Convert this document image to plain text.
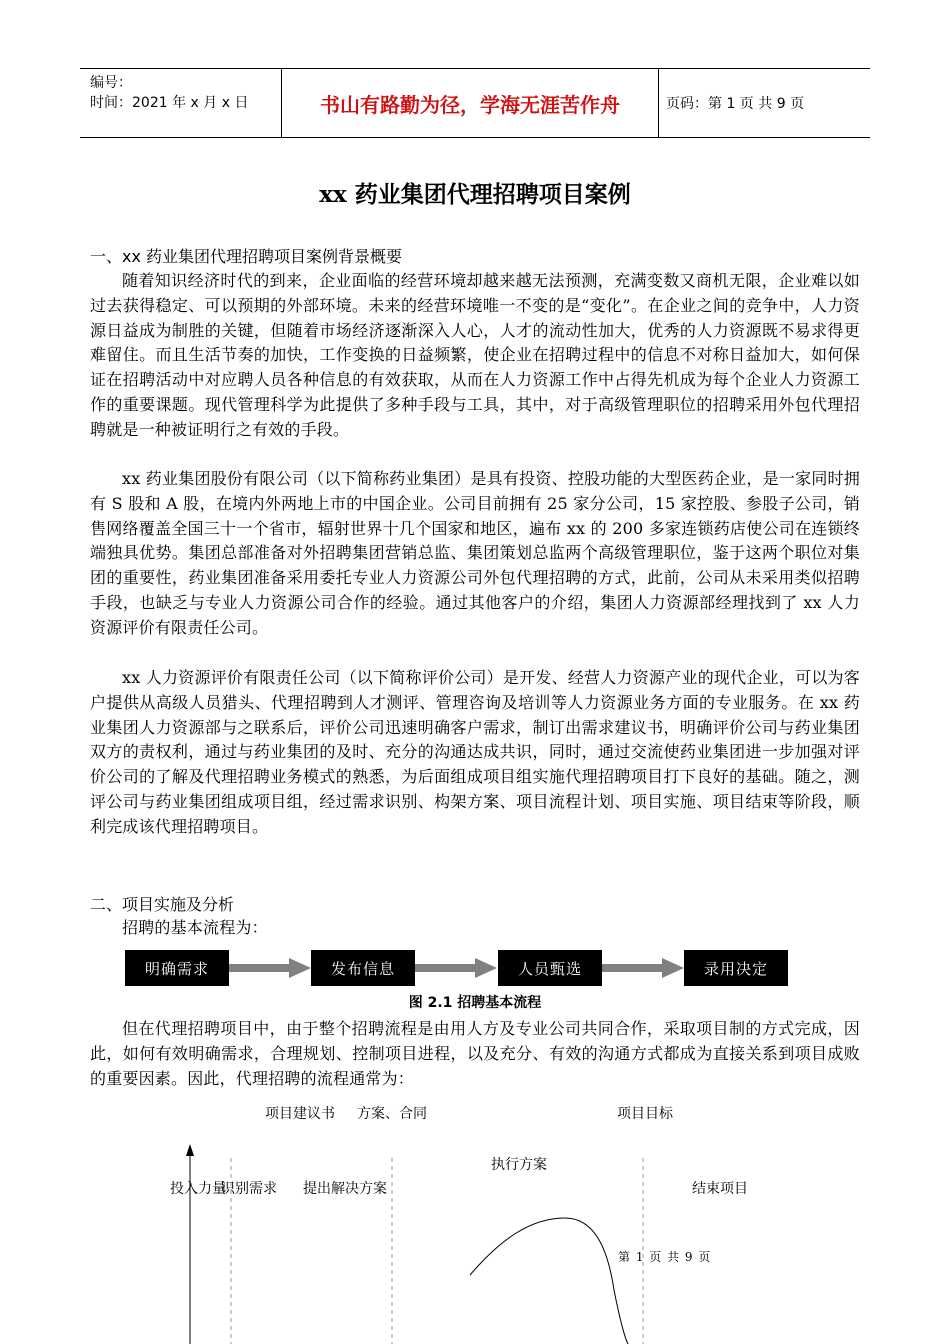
编号：
时间：2021 年 x 月 x 日	书山有路勤为径，学海无涯苦作舟	页码：第 1 页 共 9 页
xx 药业集团代理招聘项目案例
一、xx 药业集团代理招聘项目案例背景概要

随着知识经济时代的到来，企业面临的经营环境却越来越无法预测，充满变数又商机无限，企业难以如过去获得稳定、可以预期的外部环境。未来的经营环境唯一不变的是“变化”。在企业之间的竞争中，人力资源日益成为制胜的关键，但随着市场经济逐渐深入人心，人才的流动性加大，优秀的人力资源既不易求得更难留住。而且生活节奏的加快，工作变换的日益频繁，使企业在招聘过程中的信息不对称日益加大，如何保证在招聘活动中对应聘人员各种信息的有效获取，从而在人力资源工作中占得先机成为每个企业人力资源工作的重要课题。现代管理科学为此提供了多种手段与工具，其中，对于高级管理职位的招聘采用外包代理招聘就是一种被证明行之有效的手段。

xx 药业集团股份有限公司（以下简称药业集团）是具有投资、控股功能的大型医药企业，是一家同时拥有 S 股和 A 股，在境内外两地上市的中国企业。公司目前拥有 25 家分公司，15 家控股、参股子公司，销售网络覆盖全国三十一个省市，辐射世界十几个国家和地区，遍布 xx 的 200 多家连锁药店使公司在连锁终端独具优势。集团总部准备对外招聘集团营销总监、集团策划总监两个高级管理职位，鉴于这两个职位对集团的重要性，药业集团准备采用委托专业人力资源公司外包代理招聘的方式，此前，公司从未采用类似招聘手段，也缺乏与专业人力资源公司合作的经验。通过其他客户的介绍，集团人力资源部经理找到了 xx 人力资源评价有限责任公司。

xx 人力资源评价有限责任公司（以下简称评价公司）是开发、经营人力资源产业的现代企业，可以为客户提供从高级人员猎头、代理招聘到人才测评、管理咨询及培训等人力资源业务方面的专业服务。在 xx 药业集团人力资源部与之联系后，评价公司迅速明确客户需求，制订出需求建议书，明确评价公司与药业集团双方的责权利，通过与药业集团的及时、充分的沟通达成共识，同时，通过交流使药业集团进一步加强对评价公司的了解及代理招聘业务模式的熟悉，为后面组成项目组实施代理招聘项目打下良好的基础。随之，测评公司与药业集团组成项目组，经过需求识别、构架方案、项目流程计划、项目实施、项目结束等阶段，顺利完成该代理招聘项目。

二、项目实施及分析

招聘的基本流程为：

明确需求	发布信息	人员甄选	录用决定
图 2.1 招聘基本流程

但在代理招聘项目中，由于整个招聘流程是由用人方及专业公司共同合作，采取项目制的方式完成，因此，如何有效明确需求，合理规划、控制项目进程，以及充分、有效的沟通方式都成为直接关系到项目成败的重要因素。因此，代理招聘的流程通常为：

项目建议书 方案、合同	项目目标
执行方案
投入力量
识别需求 提出解决方案	结束项目
第 1 页 共 9 页
